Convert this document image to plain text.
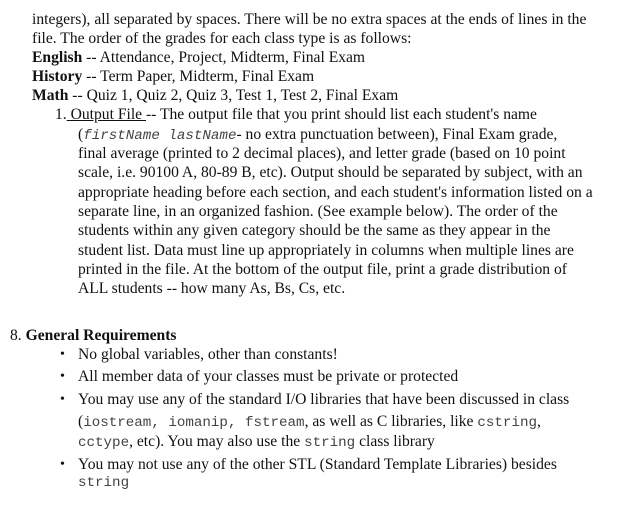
integers), all separated by spaces. There will be no extra spaces at the ends of lines in the
file. The order of the grades for each class type is as follows:
English -- Attendance, Project, Midterm, Final Exam
History -- Term Paper, Midterm, Final Exam
Math -- Quiz 1, Quiz 2, Quiz 3, Test 1, Test 2, Final Exam
1. Output File -- The output file that you print should list each student's name
(firstName lastName- no extra punctuation between), Final Exam grade,
final average (printed to 2 decimal places), and letter grade (based on 10 point
scale, i.e. 90100 A, 80-89 B, etc). Output should be separated by subject, with an
appropriate heading before each section, and each student's information listed on a
separate line, in an organized fashion. (See example below). The order of the
students within any given category should be the same as they appear in the
student list. Data must line up appropriately in columns when multiple lines are
printed in the file. At the bottom of the output file, print a grade distribution of
ALL students -- how many As, Bs, Cs, etc.
8. General Requirements
• No global variables, other than constants!
• All member data of your classes must be private or protected
• You may use any of the standard I/O libraries that have been discussed in class
(iostream, iomanip, fstream, as well as C libraries, like cstring,
cctype, etc). You may also use the string class library
• You may not use any of the other STL (Standard Template Libraries) besides
string
